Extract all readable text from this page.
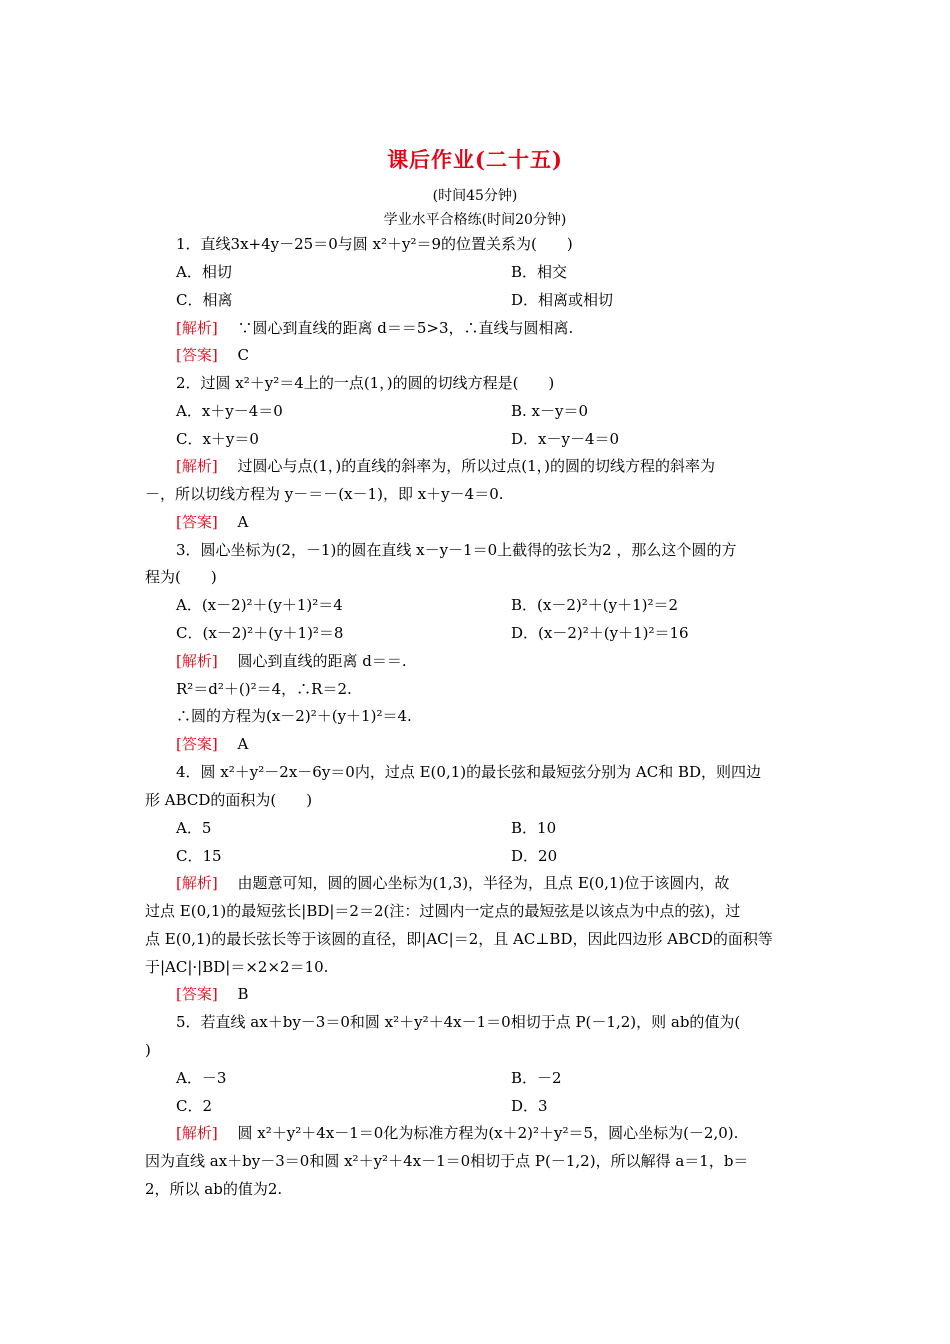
课后作业(二十五)
(时间45分钟)
学业水平合格练(时间20分钟)
1．直线3x+4y－25＝0与圆 x²＋y²＝9的位置关系为(　　)
A．相切	B．相交
C．相离	D．相离或相切
[解析]　 ∵圆心到直线的距离 d＝＝5>3，∴直线与圆相离.
[答案]　 C
2．过圆 x²＋y²＝4上的一点(1，)的圆的切线方程是(　　)
A．x＋y－4＝0	B. x－y＝0
C．x＋y＝0	D．x－y－4＝0
[解析]　 过圆心与点(1，)的直线的斜率为，所以过点(1，)的圆的切线方程的斜率为
－，所以切线方程为 y－＝－(x－1)，即 x＋y－4＝0.
[答案]　 A
3．圆心坐标为(2，－1)的圆在直线 x－y－1＝0上截得的弦长为2 ，那么这个圆的方
程为(　　)
A．(x－2)²＋(y＋1)²＝4	B．(x－2)²＋(y＋1)²＝2
C．(x－2)²＋(y＋1)²＝8	D．(x－2)²＋(y＋1)²＝16
[解析]　 圆心到直线的距离 d＝＝.
R²＝d²＋()²＝4，∴R＝2.
∴圆的方程为(x－2)²＋(y＋1)²＝4.
[答案]　 A
4．圆 x²＋y²－2x－6y＝0内，过点 E(0,1)的最长弦和最短弦分别为 AC和 BD，则四边
形 ABCD的面积为(　　)
A．5	B．10
C．15	D．20
[解析]　 由题意可知，圆的圆心坐标为(1,3)，半径为，且点 E(0,1)位于该圆内，故
过点 E(0,1)的最短弦长|BD|＝2＝2(注：过圆内一定点的最短弦是以该点为中点的弦)，过
点 E(0,1)的最长弦长等于该圆的直径，即|AC|＝2，且 AC⊥BD，因此四边形 ABCD的面积等
于|AC|·|BD|＝×2×2＝10.
[答案]　 B
5．若直线 ax＋by－3＝0和圆 x²＋y²＋4x－1＝0相切于点 P(－1,2)，则 ab的值为(
)
A．－3	B．－2
C．2	D．3
[解析]　 圆 x²＋y²＋4x－1＝0化为标准方程为(x＋2)²＋y²＝5，圆心坐标为(－2,0).
因为直线 ax＋by－3＝0和圆 x²＋y²＋4x－1＝0相切于点 P(－1,2)，所以解得 a＝1，b＝
2，所以 ab的值为2.
